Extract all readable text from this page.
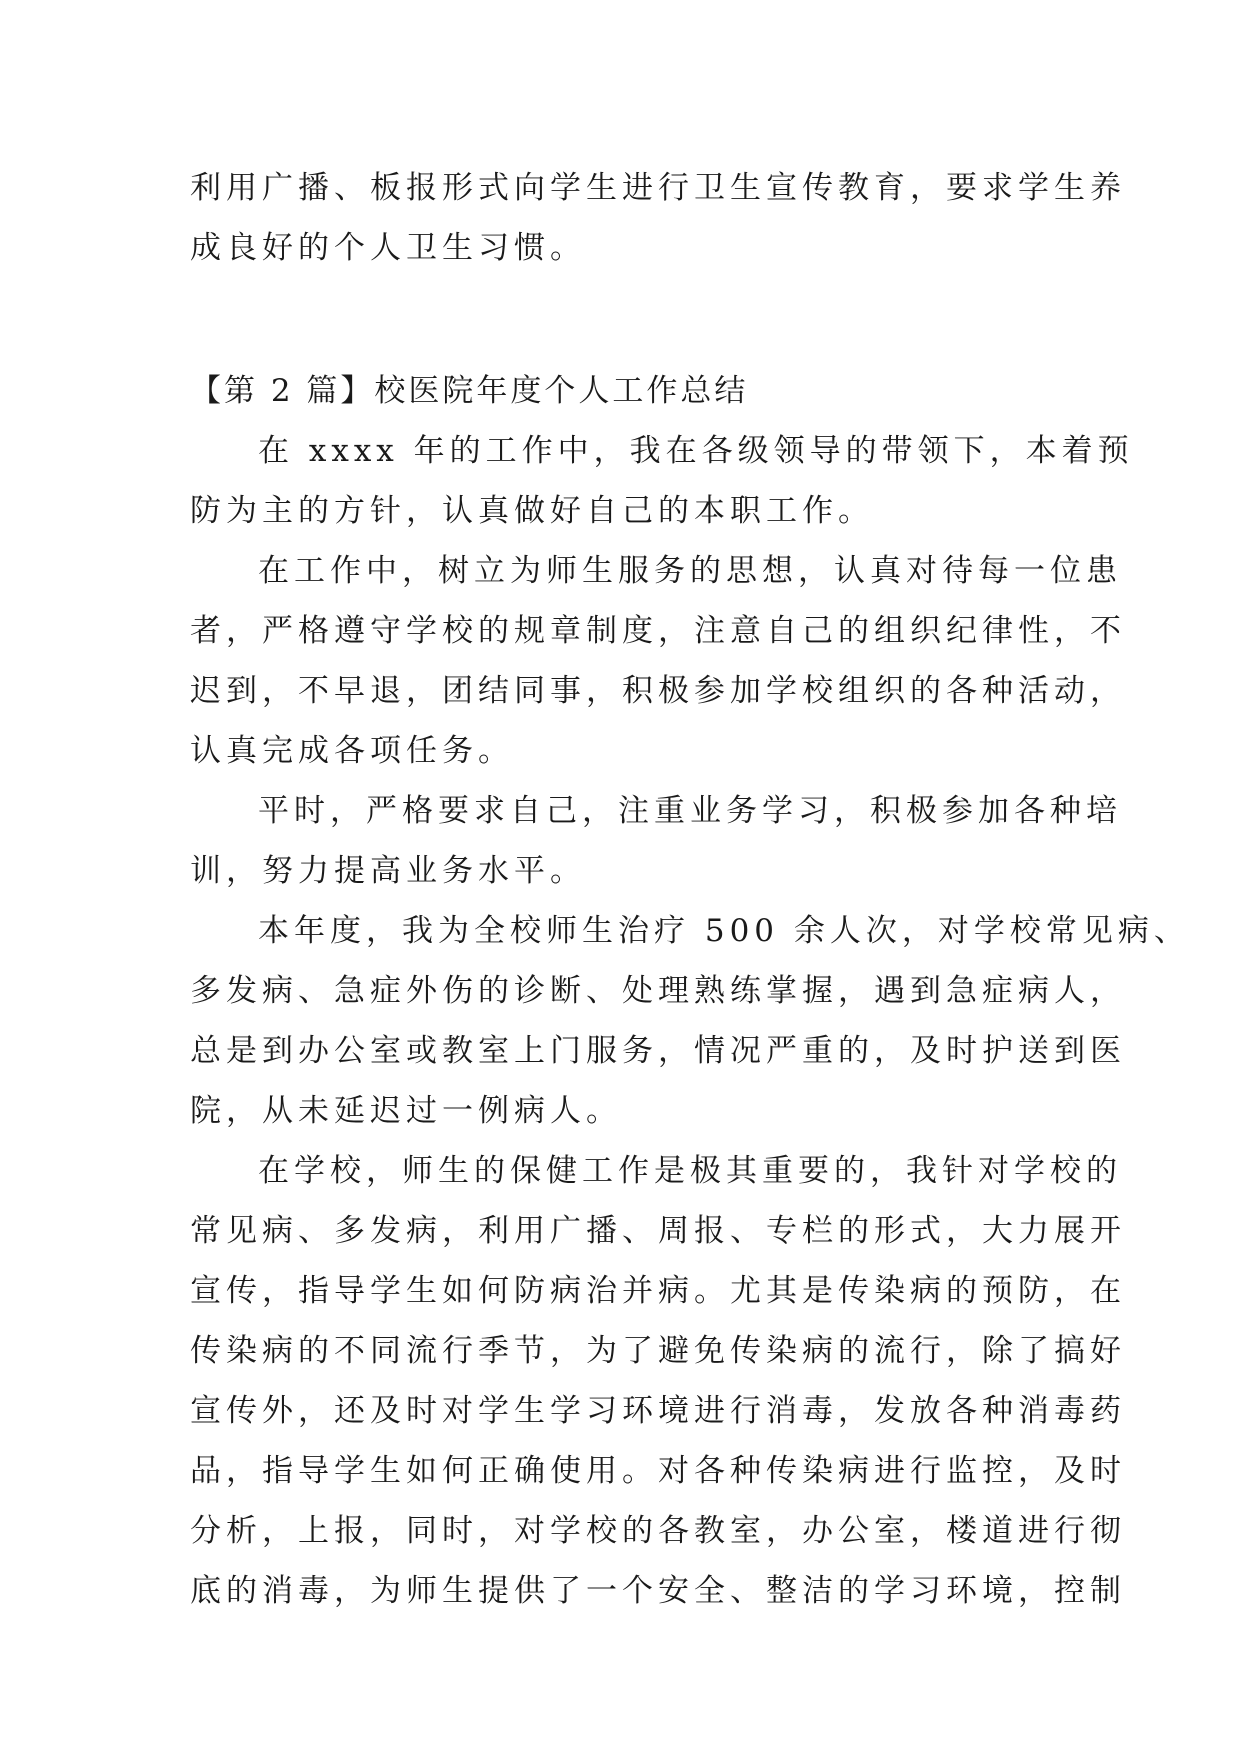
利用广播、板报形式向学生进行卫生宣传教育，要求学生养
成良好的个人卫生习惯。
【第 2 篇】校医院年度个人工作总结
在 xxxx 年的工作中，我在各级领导的带领下，本着预
防为主的方针，认真做好自己的本职工作。
在工作中，树立为师生服务的思想，认真对待每一位患
者，严格遵守学校的规章制度，注意自己的组织纪律性，不
迟到，不早退，团结同事，积极参加学校组织的各种活动，
认真完成各项任务。
平时，严格要求自己，注重业务学习，积极参加各种培
训，努力提高业务水平。
本年度，我为全校师生治疗 500 余人次，对学校常见病、
多发病、急症外伤的诊断、处理熟练掌握，遇到急症病人，
总是到办公室或教室上门服务，情况严重的，及时护送到医
院，从未延迟过一例病人。
在学校，师生的保健工作是极其重要的，我针对学校的
常见病、多发病，利用广播、周报、专栏的形式，大力展开
宣传，指导学生如何防病治并病。尤其是传染病的预防，在
传染病的不同流行季节，为了避免传染病的流行，除了搞好
宣传外，还及时对学生学习环境进行消毒，发放各种消毒药
品，指导学生如何正确使用。对各种传染病进行监控，及时
分析，上报，同时，对学校的各教室，办公室，楼道进行彻
底的消毒，为师生提供了一个安全、整洁的学习环境，控制
